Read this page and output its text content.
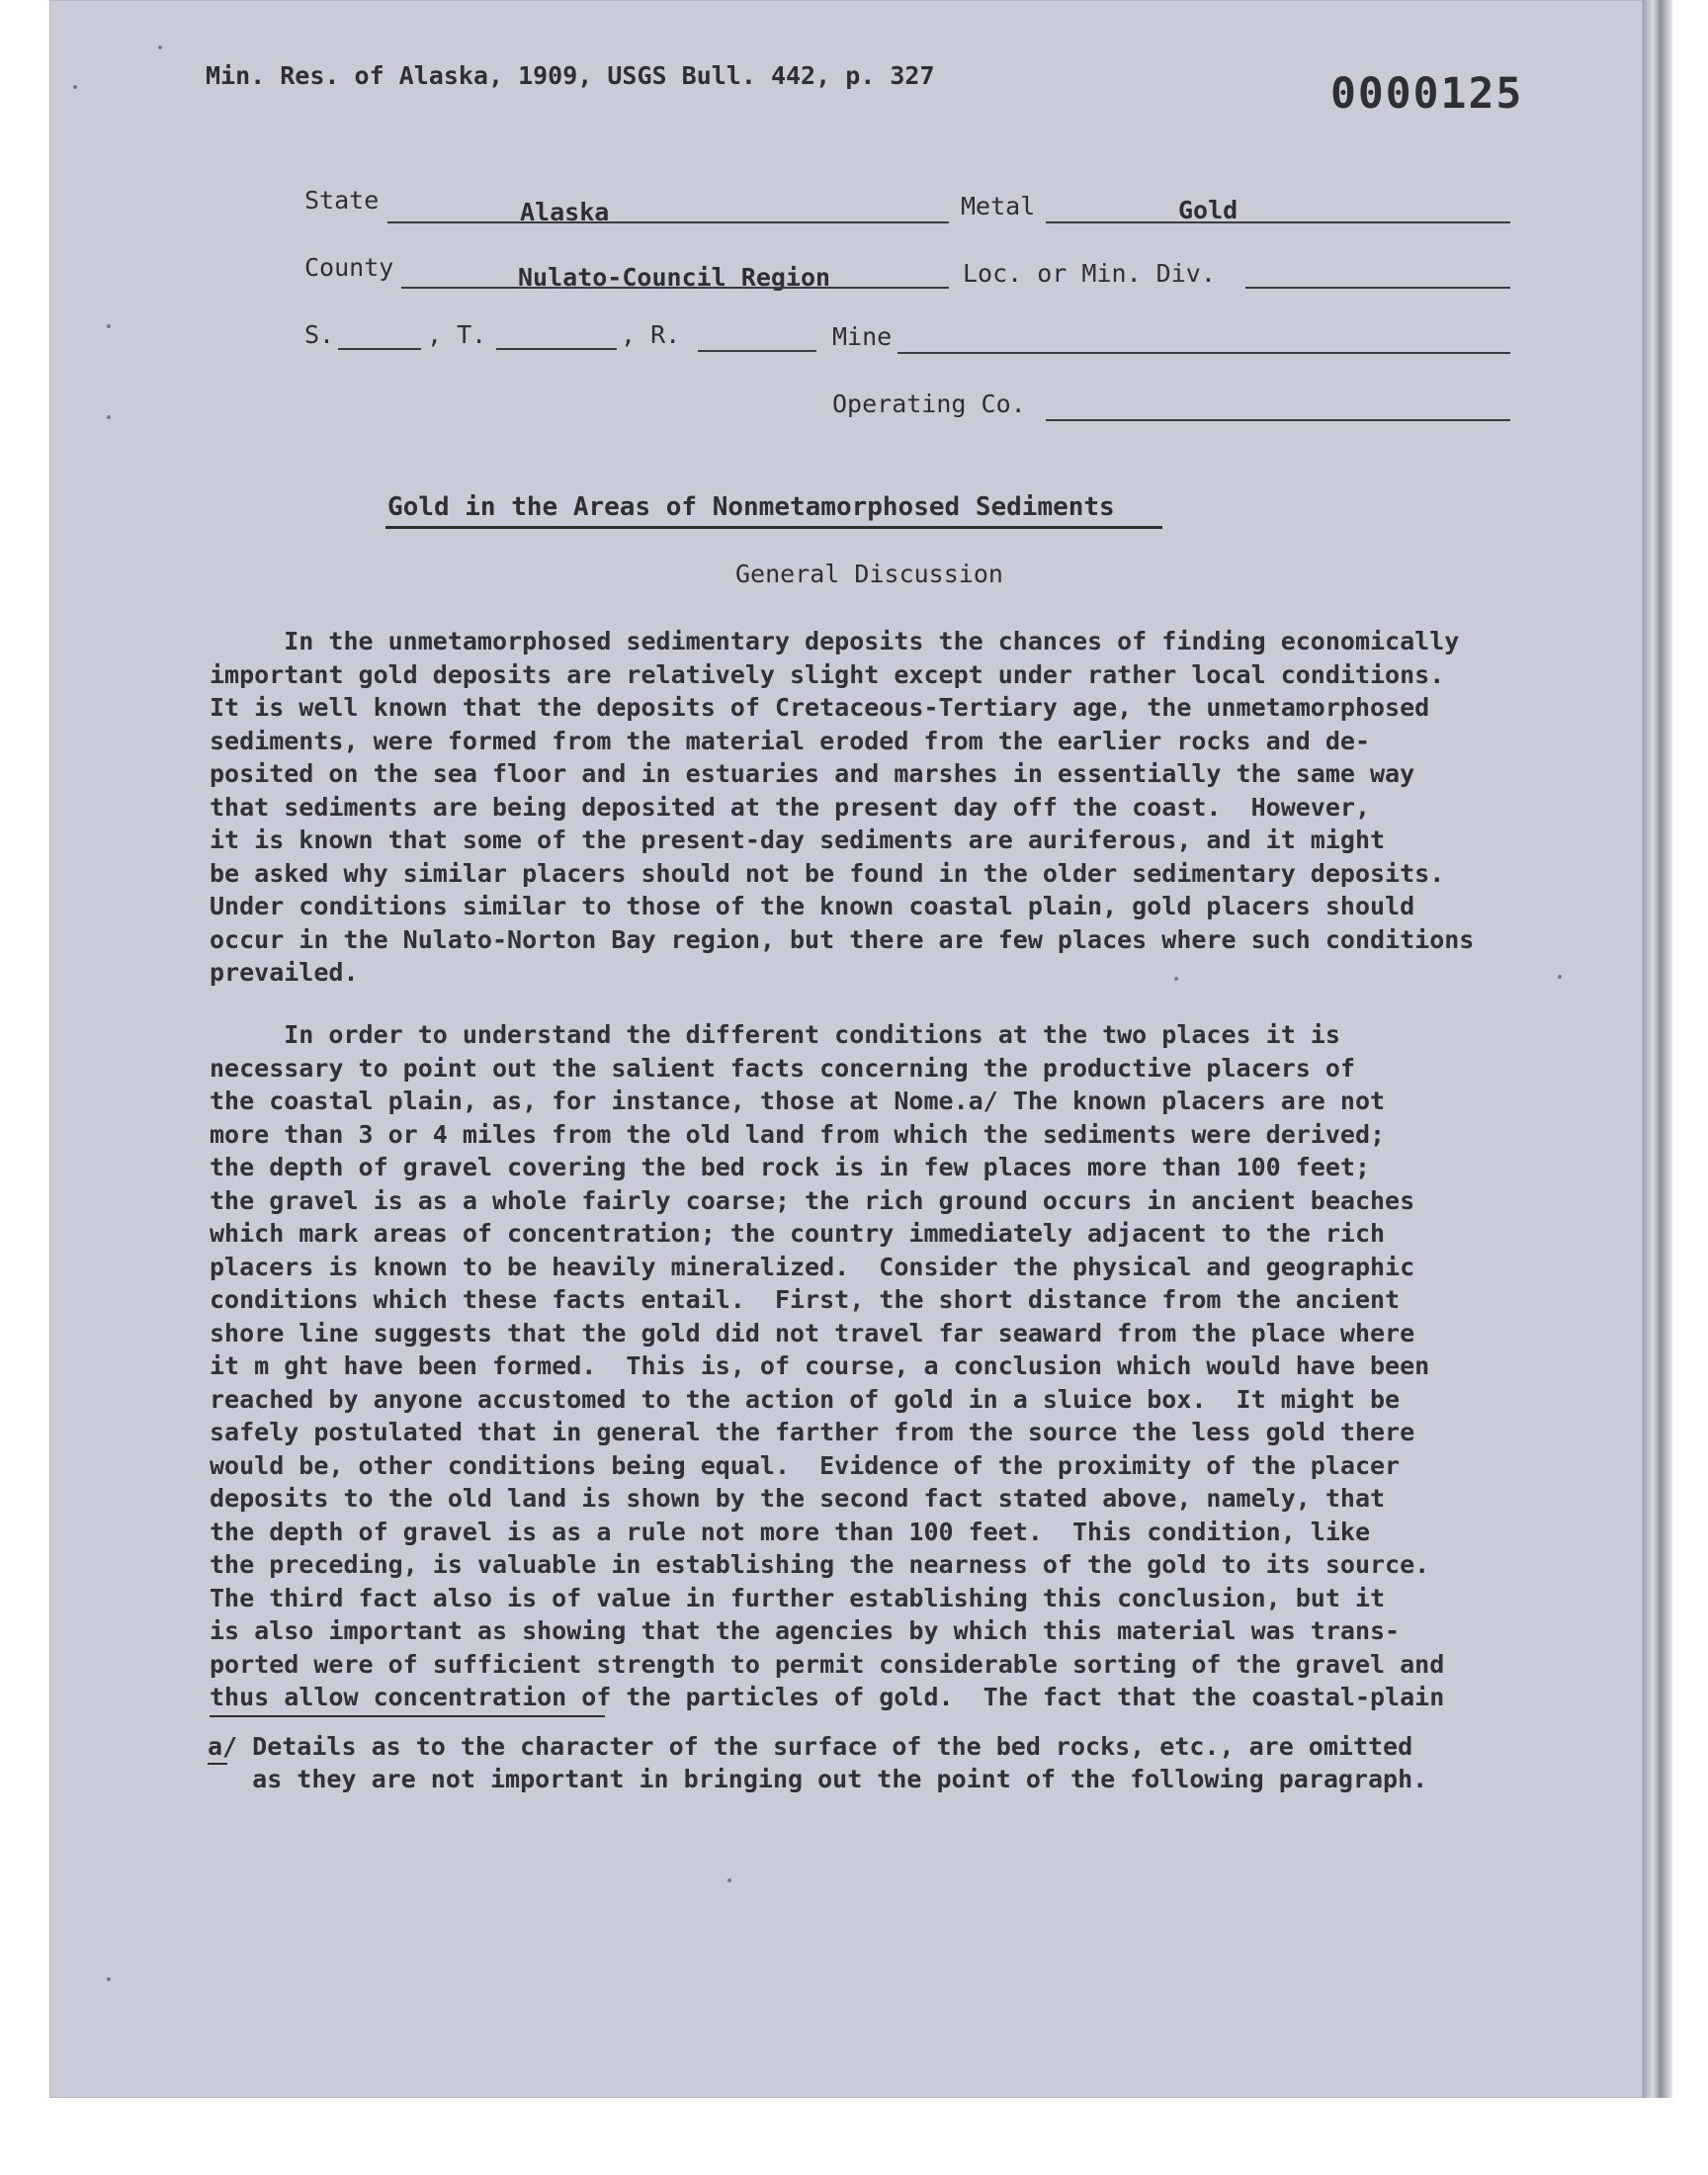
Min. Res. of Alaska, 1909, USGS Bull. 442, p. 327	0000125
State	Alaska	Metal	Gold
County	Nulato-Council Region	Loc. or Min. Div.
S.	, T.	, R.	Mine
Operating Co.
Gold in the Areas of Nonmetamorphosed Sediments
General Discussion
In the unmetamorphosed sedimentary deposits the chances of finding economically
important gold deposits are relatively slight except under rather local conditions.
It is well known that the deposits of Cretaceous-Tertiary age, the unmetamorphosed
sediments, were formed from the material eroded from the earlier rocks and de-
posited on the sea floor and in estuaries and marshes in essentially the same way
that sediments are being deposited at the present day off the coast.  However,
it is known that some of the present-day sediments are auriferous, and it might
be asked why similar placers should not be found in the older sedimentary deposits.
Under conditions similar to those of the known coastal plain, gold placers should
occur in the Nulato-Norton Bay region, but there are few places where such conditions
prevailed.
In order to understand the different conditions at the two places it is
necessary to point out the salient facts concerning the productive placers of
the coastal plain, as, for instance, those at Nome.a/ The known placers are not
more than 3 or 4 miles from the old land from which the sediments were derived;
the depth of gravel covering the bed rock is in few places more than 100 feet;
the gravel is as a whole fairly coarse; the rich ground occurs in ancient beaches
which mark areas of concentration; the country immediately adjacent to the rich
placers is known to be heavily mineralized.  Consider the physical and geographic
conditions which these facts entail.  First, the short distance from the ancient
shore line suggests that the gold did not travel far seaward from the place where
it m ght have been formed.  This is, of course, a conclusion which would have been
reached by anyone accustomed to the action of gold in a sluice box.  It might be
safely postulated that in general the farther from the source the less gold there
would be, other conditions being equal.  Evidence of the proximity of the placer
deposits to the old land is shown by the second fact stated above, namely, that
the depth of gravel is as a rule not more than 100 feet.  This condition, like
the preceding, is valuable in establishing the nearness of the gold to its source.
The third fact also is of value in further establishing this conclusion, but it
is also important as showing that the agencies by which this material was trans-
ported were of sufficient strength to permit considerable sorting of the gravel and
thus allow concentration of the particles of gold.  The fact that the coastal-plain
a/ Details as to the character of the surface of the bed rocks, etc., are omitted
as they are not important in bringing out the point of the following paragraph.
